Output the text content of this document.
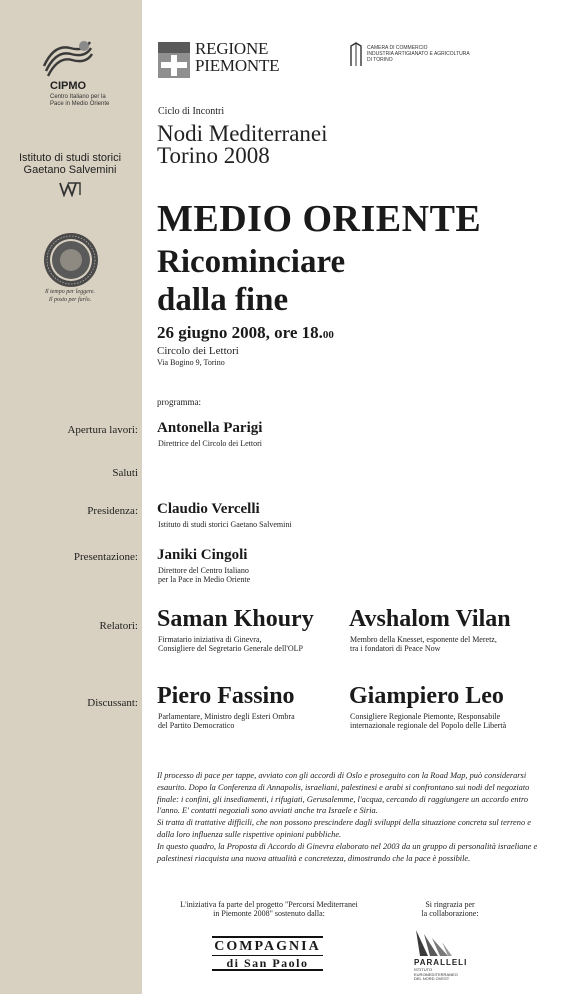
CIPMO
Centro Italiano per la Pace in Medio Oriente
Istituto di studi storici
Gaetano Salvemini
Il tempo per leggere.
Il posto per farlo.
REGIONE
PIEMONTE
CAMERA DI COMMERCIO
INDUSTRIA ARTIGIANATO E AGRICOLTURA
DI TORINO
Ciclo di Incontri
Nodi Mediterranei
Torino 2008
MEDIO ORIENTE
Ricominciare
dalla fine
26 giugno 2008, ore 18.00
Circolo dei Lettori
Via Bogino 9, Torino
programma:
Apertura lavori: Antonella Parigi
Direttrice del Circolo dei Lettori
Saluti
Presidenza: Claudio Vercelli
Istituto di studi storici Gaetano Salvemini
Presentazione: Janiki Cingoli
Direttore del Centro Italiano
per la Pace in Medio Oriente
Relatori: Saman Khoury
Firmatario iniziativa di Ginevra,
Consigliere del Segretario Generale dell'OLP
Avshalom Vilan
Membro della Knesset, esponente del Meretz,
tra i fondatori di Peace Now
Discussant: Piero Fassino
Parlamentare, Ministro degli Esteri Ombra
del Partito Democratico
Giampiero Leo
Consigliere Regionale Piemonte, Responsabile
internazionale regionale del Popolo delle Libertà

Il processo di pace per tappe, avviato con gli accordi di Oslo e proseguito con la Road Map, può considerarsi esaurito. Dopo la Conferenza di Annapolis, israeliani, palestinesi e arabi si confrontano sui nodi del negoziato finale: i confini, gli insediamenti, i rifugiati, Gerusalemme, l'acqua, cercando di raggiungere un accordo entro l'anno. E' contatti negoziali sono avviati anche tra Israele e Siria.

Si tratta di trattative difficili, che non possono prescindere dagli sviluppi della situazione concreta sul terreno e dalla loro influenza sulle rispettive opinioni pubbliche.

In questo quadro, la Proposta di Accordo di Ginevra elaborato nel 2003 da un gruppo di personalità israeliane e palestinesi riacquista una nuova attualità e concretezza, dimostrando che la pace è possibile.

L'iniziativa fa parte del progetto "Percorsi Mediterranei
in Piemonte 2008" sostenuto dalla:
Si ringrazia per
la collaborazione:
COMPAGNIA
di San Paolo	PARALLELI
ISTITUTO
EUROMEDITERRANEO
DEL NORD OVEST
